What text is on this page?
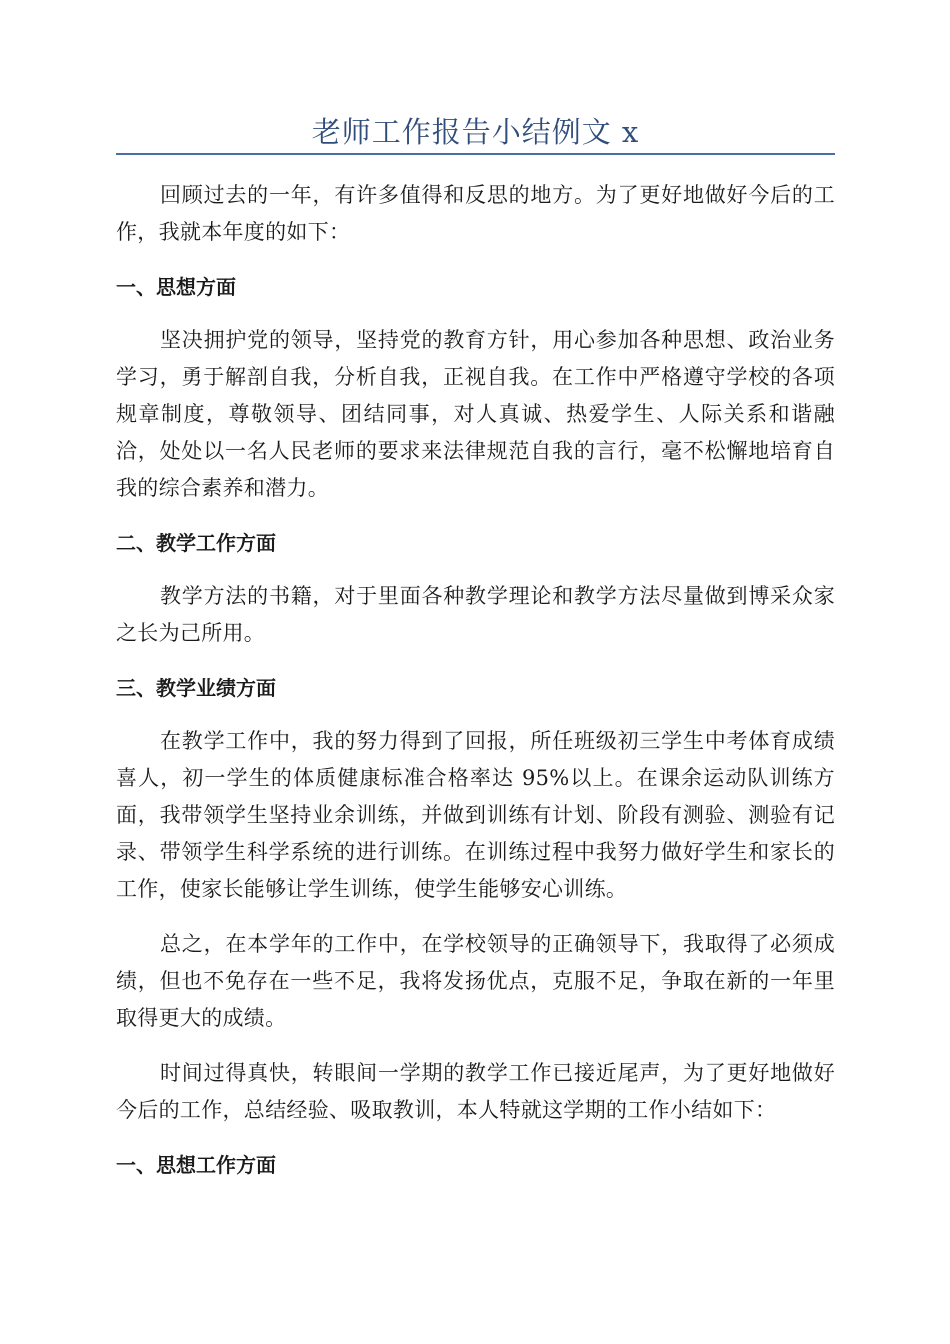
老师工作报告小结例文 x

回顾过去的一年，有许多值得和反思的地方。为了更好地做好今后的工作，我就本年度的如下：

一、思想方面

坚决拥护党的领导，坚持党的教育方针，用心参加各种思想、政治业务学习，勇于解剖自我，分析自我，正视自我。在工作中严格遵守学校的各项规章制度，尊敬领导、团结同事，对人真诚、热爱学生、人际关系和谐融洽，处处以一名人民老师的要求来法律规范自我的言行，毫不松懈地培育自我的综合素养和潜力。

二、教学工作方面

教学方法的书籍，对于里面各种教学理论和教学方法尽量做到博采众家之长为己所用。

三、教学业绩方面

在教学工作中，我的努力得到了回报，所任班级初三学生中考体育成绩喜人，初一学生的体质健康标准合格率达 95%以上。在课余运动队训练方面，我带领学生坚持业余训练，并做到训练有计划、阶段有测验、测验有记录、带领学生科学系统的进行训练。在训练过程中我努力做好学生和家长的工作，使家长能够让学生训练，使学生能够安心训练。

总之，在本学年的工作中，在学校领导的正确领导下，我取得了必须成绩，但也不免存在一些不足，我将发扬优点，克服不足，争取在新的一年里取得更大的成绩。

时间过得真快，转眼间一学期的教学工作已接近尾声，为了更好地做好今后的工作，总结经验、吸取教训，本人特就这学期的工作小结如下：

一、思想工作方面
